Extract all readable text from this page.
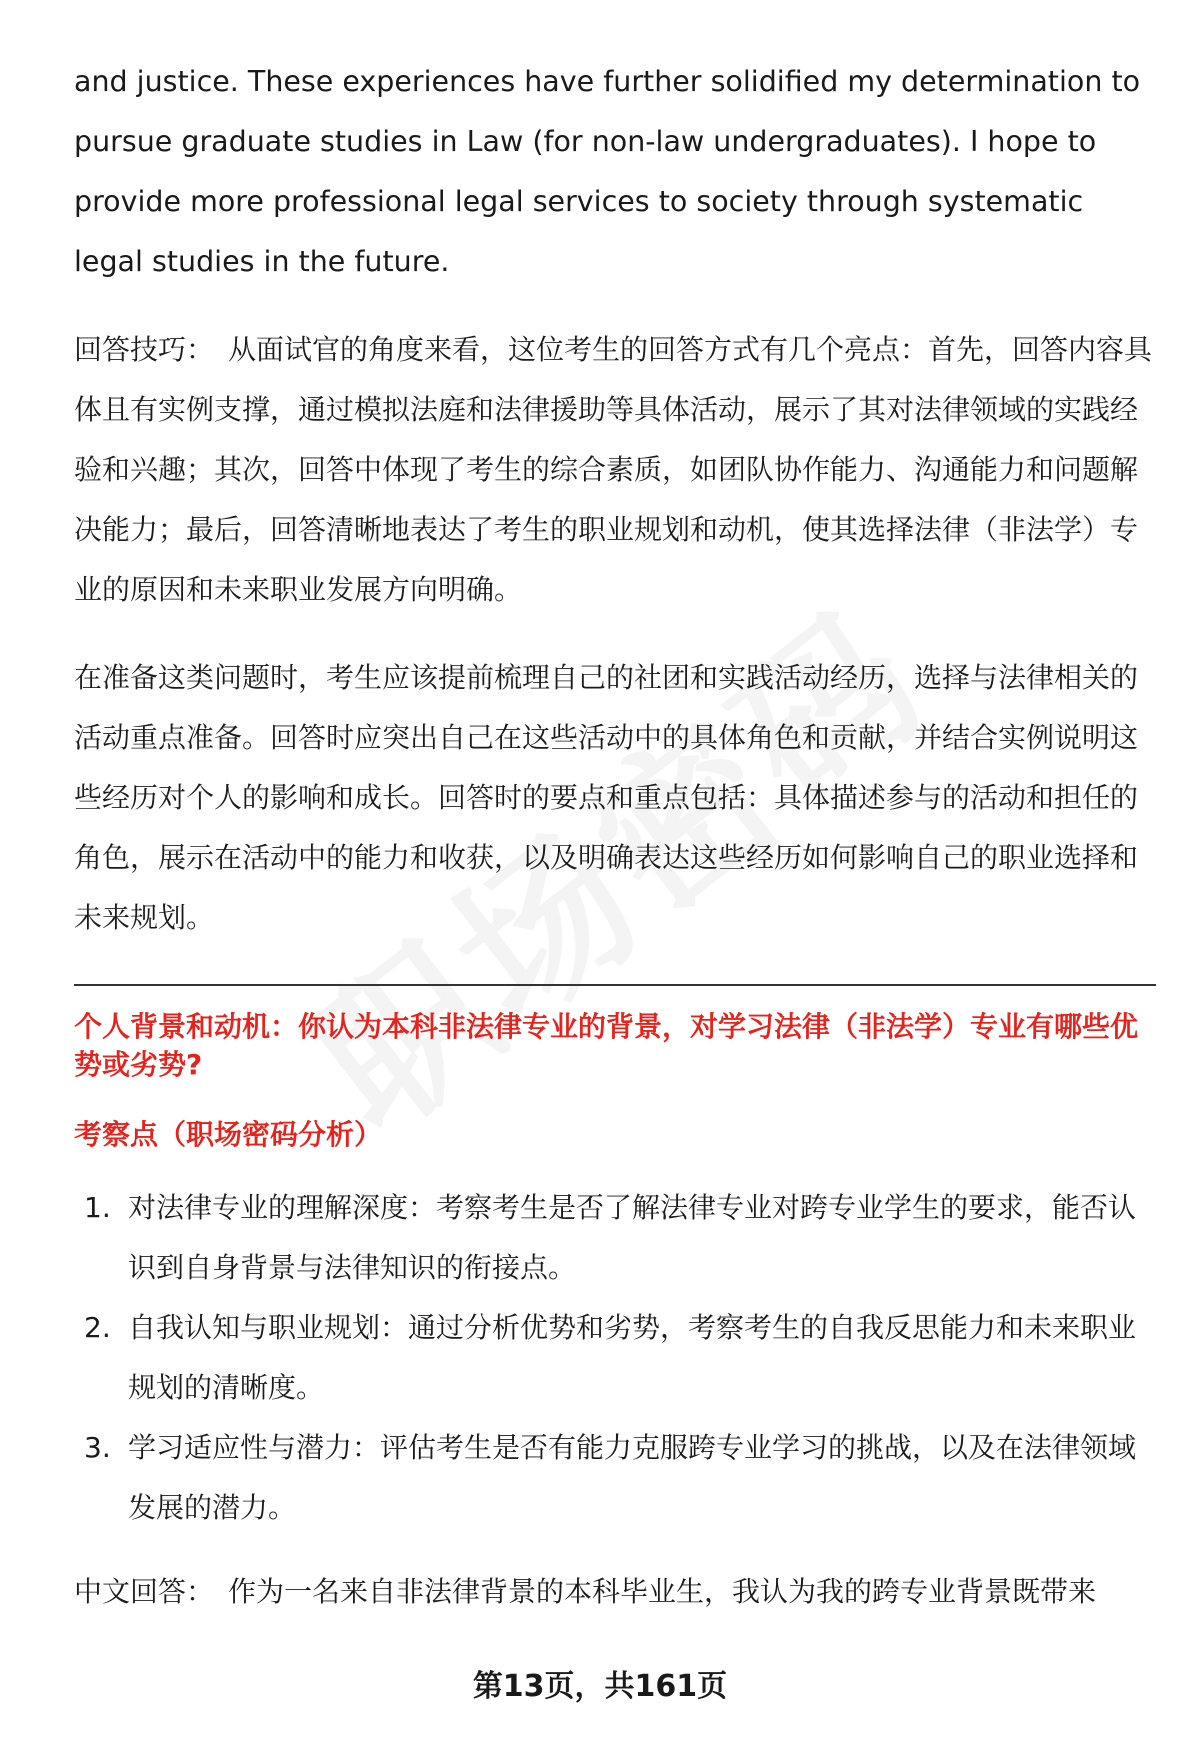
and justice. These experiences have further solidified my determination to pursue graduate studies in Law (for non-law undergraduates). I hope to provide more professional legal services to society through systematic legal studies in the future.

回答技巧： 从面试官的角度来看，这位考生的回答方式有几个亮点：首先，回答内容具体且有实例支撑，通过模拟法庭和法律援助等具体活动，展示了其对法律领域的实践经验和兴趣；其次，回答中体现了考生的综合素质，如团队协作能力、沟通能力和问题解决能力；最后，回答清晰地表达了考生的职业规划和动机，使其选择法律（非法学）专业的原因和未来职业发展方向明确。

在准备这类问题时，考生应该提前梳理自己的社团和实践活动经历，选择与法律相关的活动重点准备。回答时应突出自己在这些活动中的具体角色和贡献，并结合实例说明这些经历对个人的影响和成长。回答时的要点和重点包括：具体描述参与的活动和担任的角色，展示在活动中的能力和收获，以及明确表达这些经历如何影响自己的职业选择和未来规划。

个人背景和动机：你认为本科非法律专业的背景，对学习法律（非法学）专业有哪些优势或劣势?
考察点（职场密码分析）
1. 对法律专业的理解深度：考察考生是否了解法律专业对跨专业学生的要求，能否认识到自身背景与法律知识的衔接点。
2. 自我认知与职业规划：通过分析优势和劣势，考察考生的自我反思能力和未来职业规划的清晰度。
3. 学习适应性与潜力：评估考生是否有能力克服跨专业学习的挑战，以及在法律领域发展的潜力。

中文回答： 作为一名来自非法律背景的本科毕业生，我认为我的跨专业背景既带来

第13页，共161页
